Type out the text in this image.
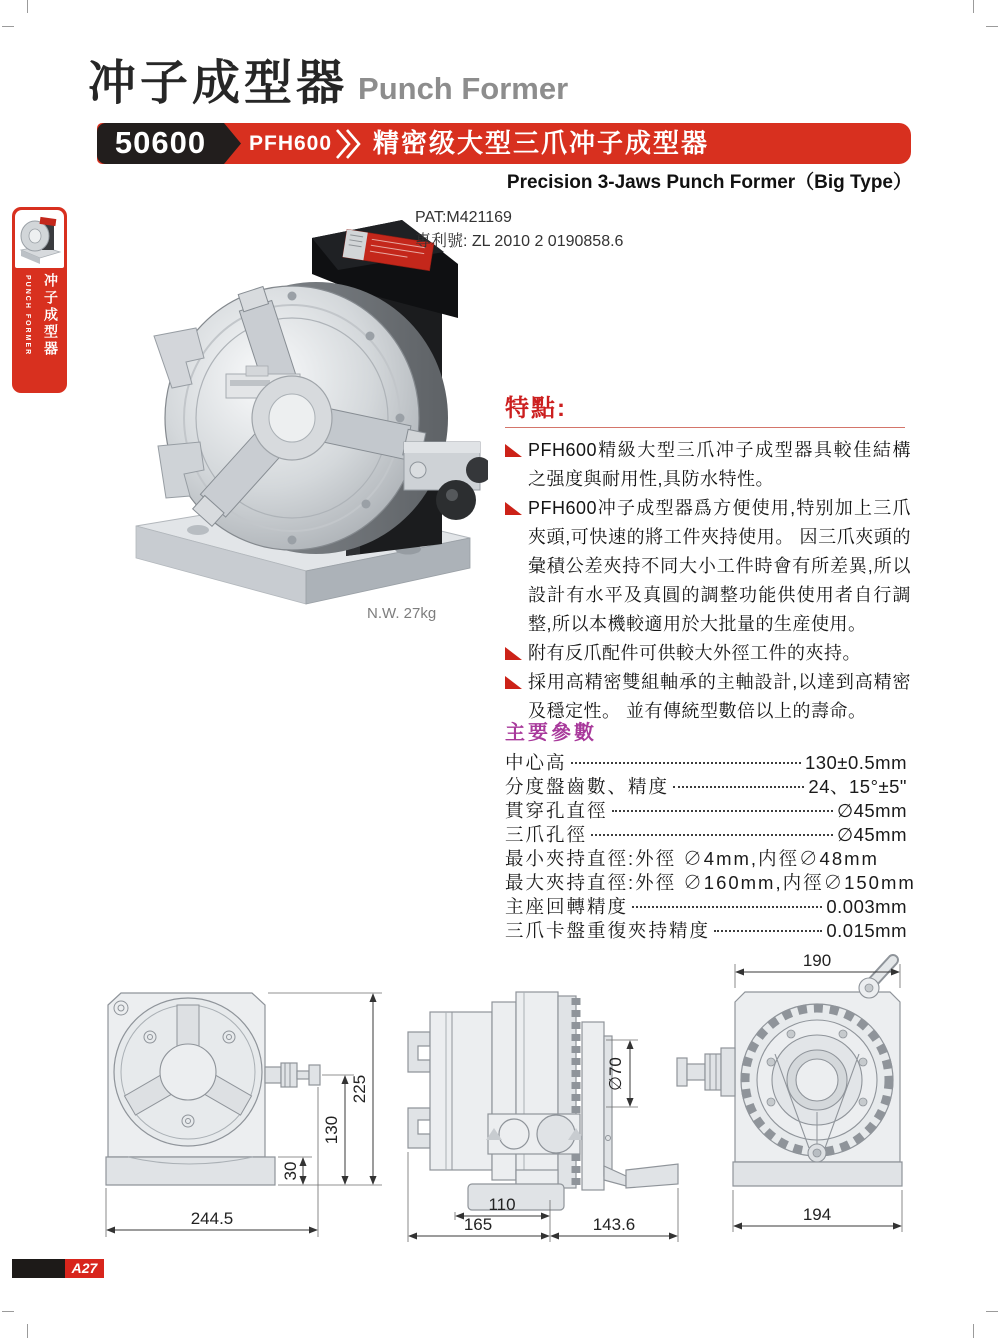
冲子成型器 Punch Former
50600	PFH600 精密级大型三爪冲子成型器
Precision 3-Jaws Punch Former（Big Type）
PUNCH FORMER 冲子成型器
PAT:M421169
專利號: ZL 2010 2 0190858.6
N.W. 27kg
特點:
PFH600精級大型三爪冲子成型器具較佳結構之强度與耐用性,具防水特性。
PFH600冲子成型器爲方便使用,特别加上三爪夾頭,可快速的將工件夾持使用。 因三爪夾頭的彙積公差夾持不同大小工件時會有所差異,所以設計有水平及真圓的調整功能供使用者自行調整,所以本機較適用於大批量的生産使用。
附有反爪配件可供較大外徑工件的夾持。
採用高精密雙組軸承的主軸設計,以達到高精密及穩定性。 並有傳統型數倍以上的壽命。
主要參數
中心高	130±0.5mm
分度盤齒數、精度	24、15°±5"
貫穿孔直徑	∅45mm
三爪孔徑	∅45mm
最小夾持直徑:外徑 ∅4mm,内徑∅48mm
最大夾持直徑:外徑 ∅160mm,内徑∅150mm
主座回轉精度	0.003mm
三爪卡盤重復夾持精度	0.015mm
225
130
30
244.5
∅70
110
165	143.6
190
194
A27
